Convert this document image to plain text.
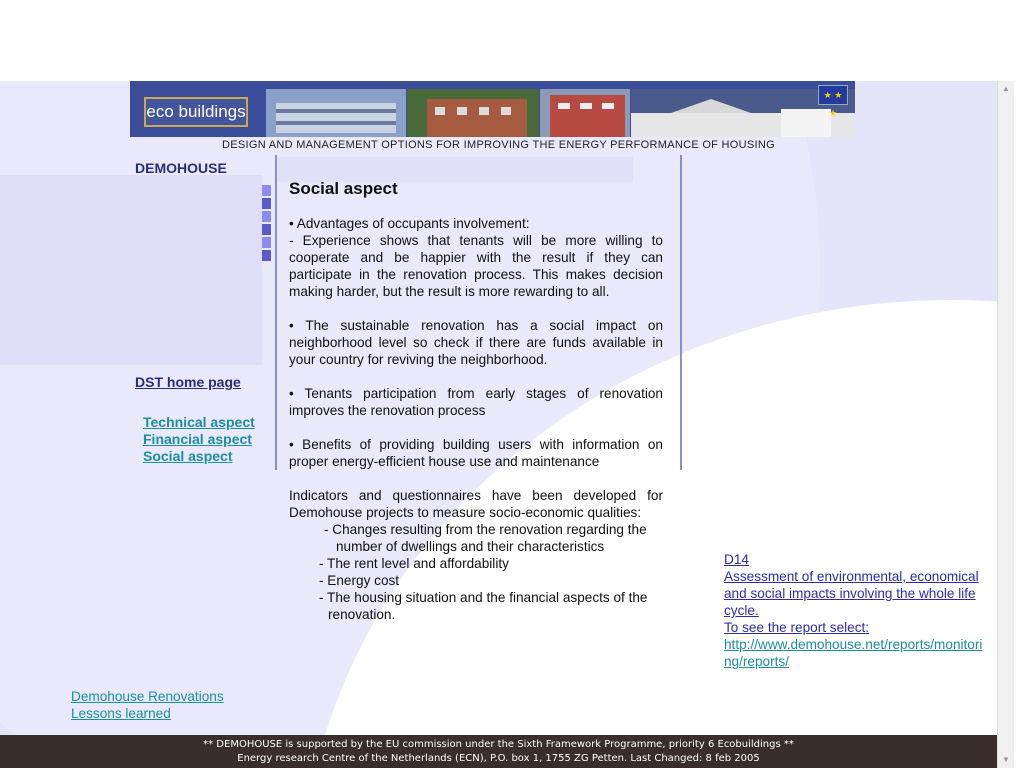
eco buildings
★ ★ ★
DESIGN AND MANAGEMENT OPTIONS FOR IMPROVING THE ENERGY PERFORMANCE OF HOUSING
DEMOHOUSE
DST home page
Technical aspect
Financial aspect
Social aspect
Social aspect

• Advantages of occupants involvement:

- Experience shows that tenants will be more willing to cooperate and be happier with the result if they can participate in the renovation process. This makes decision making harder, but the result is more rewarding to all.

• The sustainable renovation has a social impact on neighborhood level so check if there are funds available in your country for reviving the neighborhood.

• Tenants participation from early stages of renovation improves the renovation process

• Benefits of providing building users with information on proper energy-efficient house use and maintenance

Indicators and questionnaires have been developed for Demohouse projects to measure socio-economic qualities:

- Changes resulting from the renovation regarding the
number of dwellings and their characteristics
- The rent level and affordability
- Energy cost
- The housing situation and the financial aspects of the
renovation.
D14
Assessment of environmental, economical and social impacts involving the whole life cycle.
To see the report select:
http://www.demohouse.net/reports/monitoring/reports/
Demohouse Renovations
Lessons learned
** DEMOHOUSE is supported by the EU commission under the Sixth Framework Programme, priority 6 Ecobuildings **
Energy research Centre of the Netherlands (ECN), P.O. box 1, 1755 ZG Petten. Last Changed: 8 feb 2005
▲
▼
